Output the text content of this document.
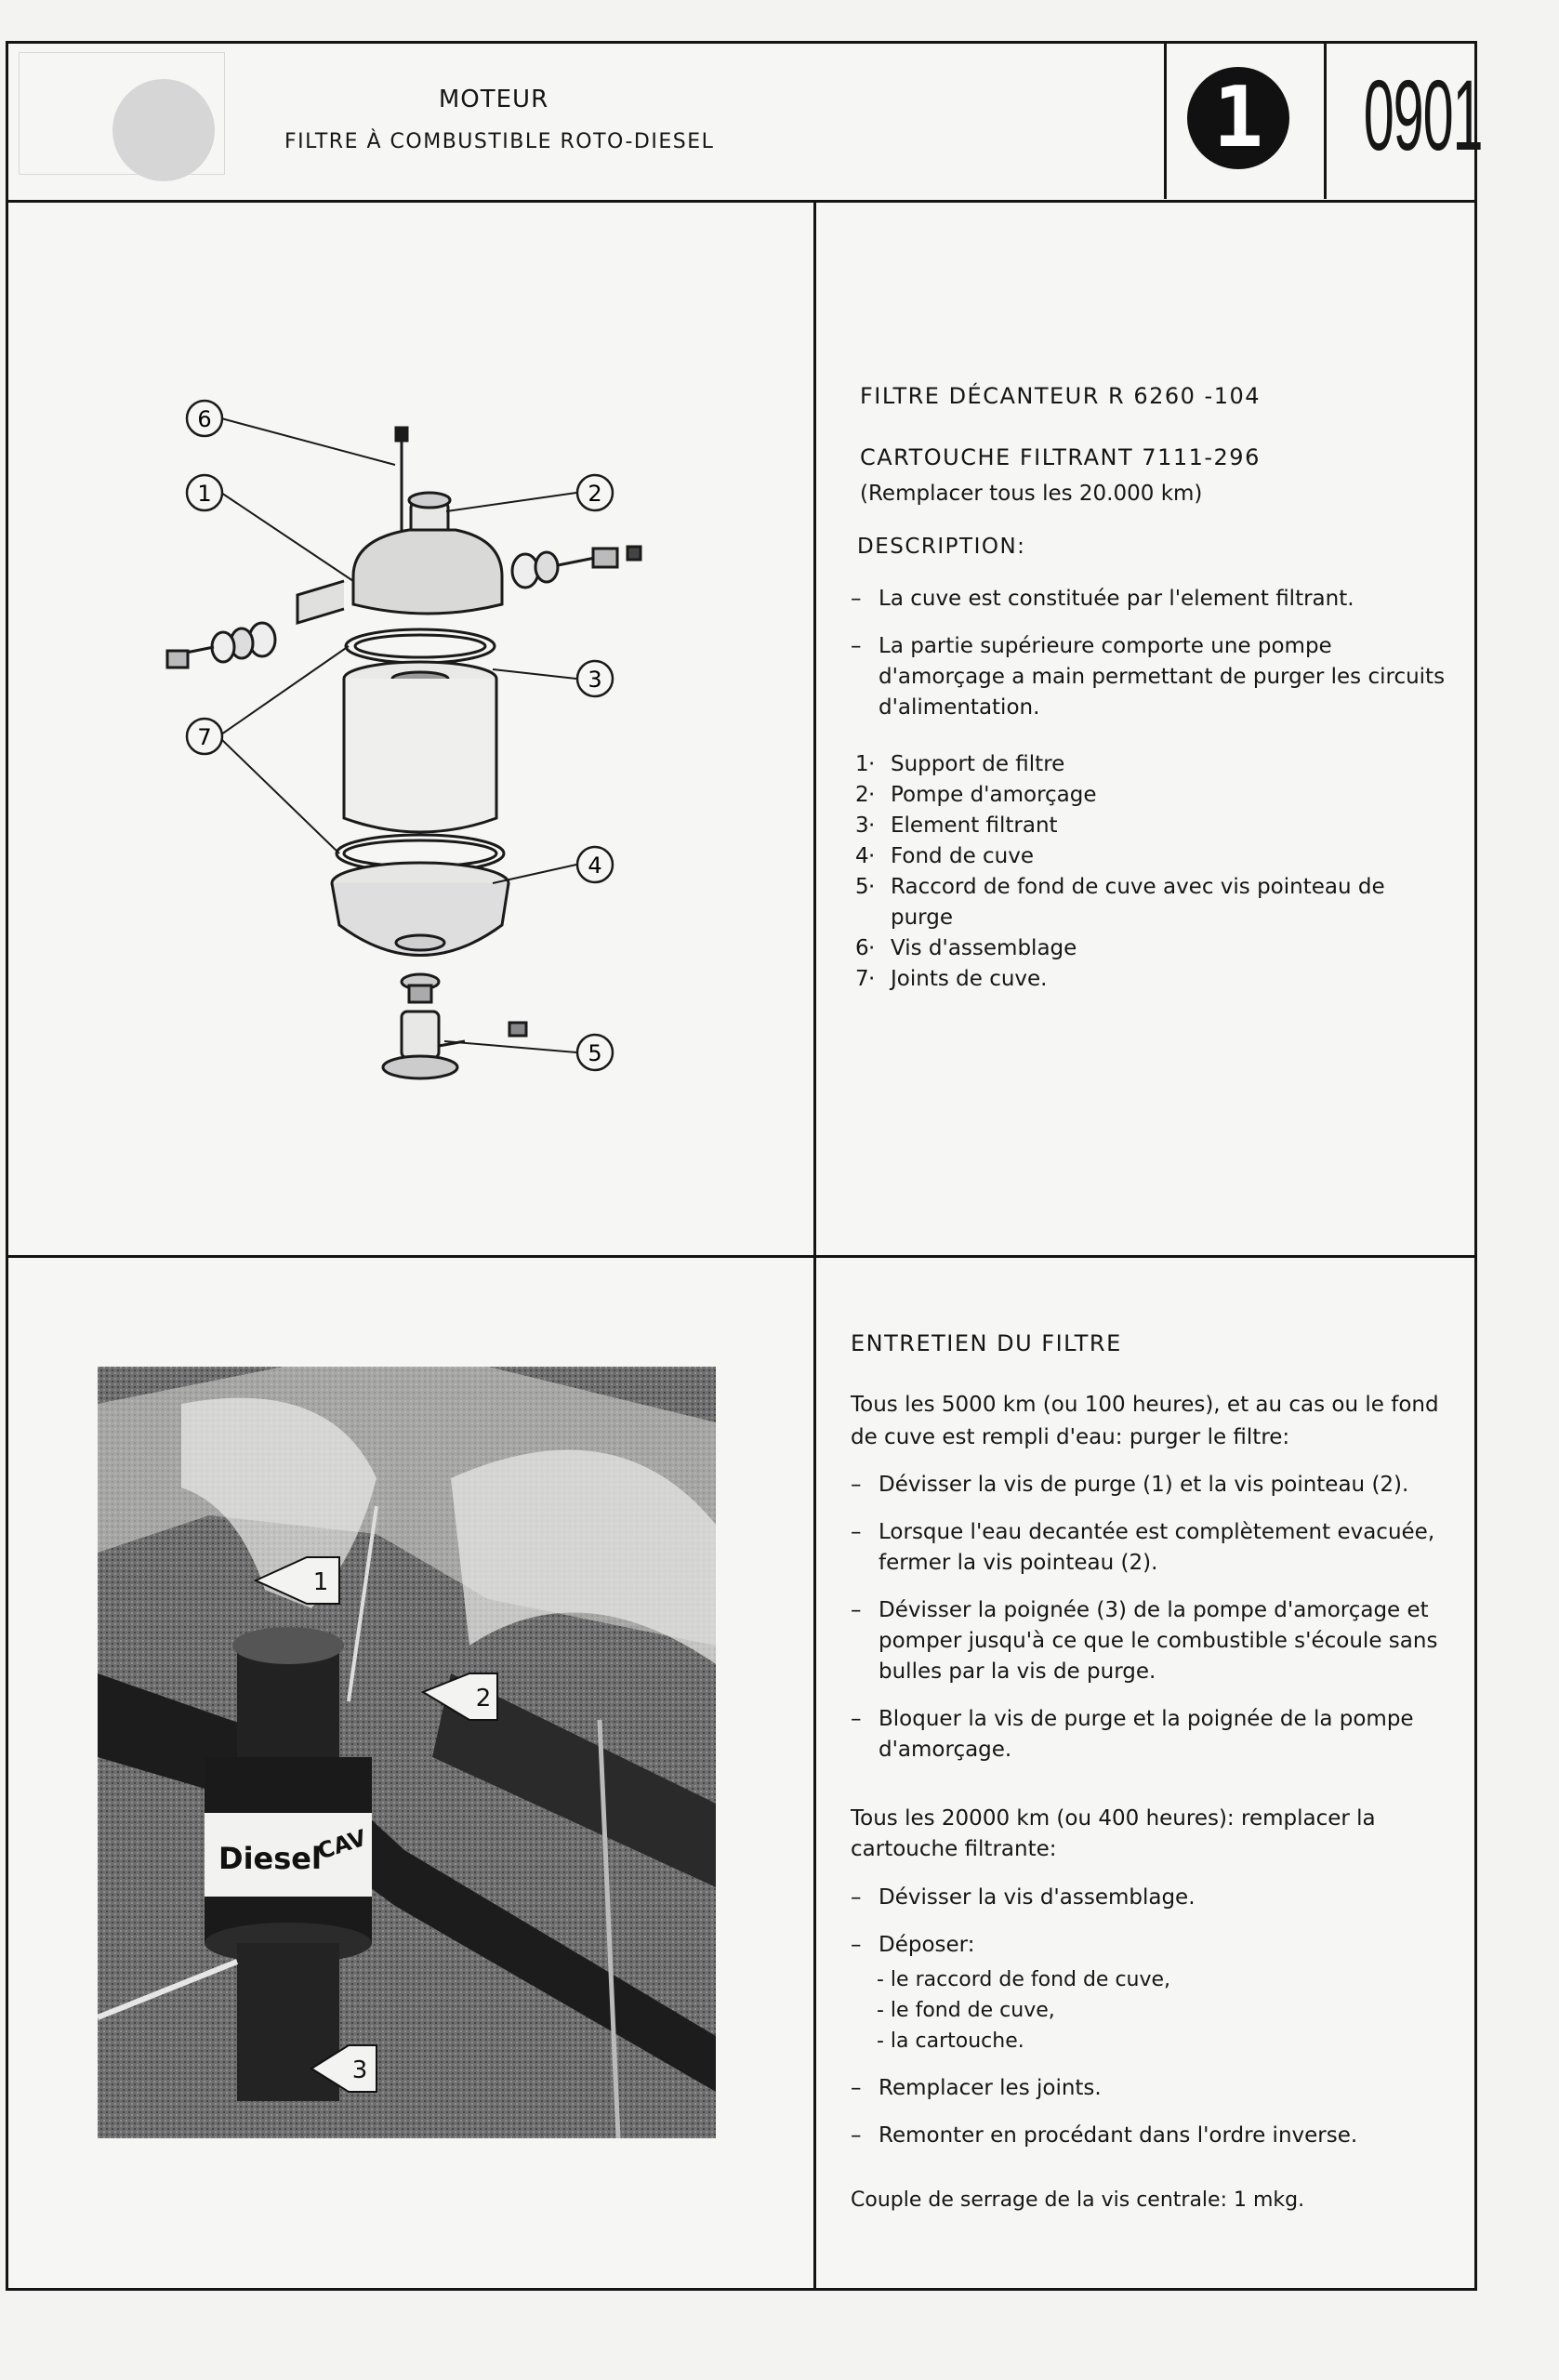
MOTEUR
FILTRE À COMBUSTIBLE ROTO-DIESEL	1 0901
6
1	2
3
7
4
5
FILTRE DÉCANTEUR R 6260 -104
CARTOUCHE FILTRANT 7111-296
(Remplacer tous les 20.000 km)
DESCRIPTION:
– La cuve est constituée par l'element filtrant.
– La partie supérieure comporte une pompe d'amorçage a main permettant de purger les circuits d'alimentation.
1 · Support de filtre
2 · Pompe d'amorçage
3 · Element filtrant
4 · Fond de cuve
5 · Raccord de fond de cuve avec vis pointeau de purge
6 · Vis d'assemblage
7 · Joints de cuve.
Diesel
CAV
1
2
3
ENTRETIEN DU FILTRE
Tous les 5000 km (ou 100 heures), et au cas ou le fond de cuve est rempli d'eau: purger le filtre:
– Dévisser la vis de purge (1) et la vis pointeau (2).
– Lorsque l'eau decantée est complètement evacuée, fermer la vis pointeau (2).
– Dévisser la poignée (3) de la pompe d'amorçage et pomper jusqu'à ce que le combustible s'écoule sans bulles par la vis de purge.
– Bloquer la vis de purge et la poignée de la pompe d'amorçage.
Tous les 20000 km (ou 400 heures): remplacer la cartouche filtrante:
– Dévisser la vis d'assemblage.
– Déposer:
- le raccord de fond de cuve,
- le fond de cuve,
- la cartouche.
– Remplacer les joints.
– Remonter en procédant dans l'ordre inverse.
Couple de serrage de la vis centrale: 1 mkg.
